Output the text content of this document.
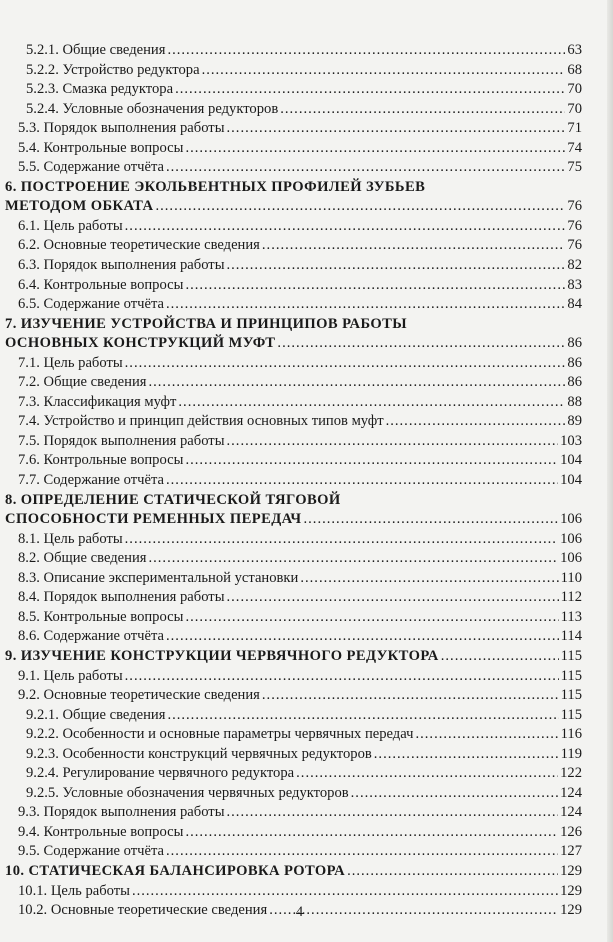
5.2.1. Общие сведения .....	63
5.2.2. Устройство редуктора .....	68
5.2.3. Смазка редуктора .....	70
5.2.4. Условные обозначения редукторов .....	70
5.3. Порядок выполнения работы .....	71
5.4. Контрольные вопросы .....	74
5.5. Содержание отчёта .....	75
6. ПОСТРОЕНИЕ ЭКОЛЬВЕНТНЫХ ПРОФИЛЕЙ ЗУБЬЕВ
МЕТОДОМ ОБКАТА .....	76
6.1. Цель работы .....	76
6.2. Основные теоретические сведения .....	76
6.3. Порядок выполнения работы .....	82
6.4. Контрольные вопросы .....	83
6.5. Содержание отчёта .....	84
7. ИЗУЧЕНИЕ УСТРОЙСТВА И ПРИНЦИПОВ РАБОТЫ
ОСНОВНЫХ КОНСТРУКЦИЙ МУФТ .....	86
7.1. Цель работы .....	86
7.2. Общие сведения .....	86
7.3. Классификация муфт .....	88
7.4. Устройство и принцип действия основных типов муфт .....	89
7.5. Порядок выполнения работы .....	103
7.6. Контрольные вопросы .....	104
7.7. Содержание отчёта .....	104
8. ОПРЕДЕЛЕНИЕ СТАТИЧЕСКОЙ ТЯГОВОЙ
СПОСОБНОСТИ РЕМЕННЫХ ПЕРЕДАЧ .....	106
8.1. Цель работы .....	106
8.2. Общие сведения .....	106
8.3. Описание экспериментальной установки .....	110
8.4. Порядок выполнения работы .....	112
8.5. Контрольные вопросы .....	113
8.6. Содержание отчёта .....	114
9. ИЗУЧЕНИЕ КОНСТРУКЦИИ ЧЕРВЯЧНОГО РЕДУКТОРА .....	115
9.1. Цель работы .....	115
9.2. Основные теоретические сведения .....	115
9.2.1. Общие сведения .....	115
9.2.2. Особенности и основные параметры червячных передач .....	116
9.2.3. Особенности конструкций червячных редукторов .....	119
9.2.4. Регулирование червячного редуктора .....	122
9.2.5. Условные обозначения червячных редукторов .....	124
9.3. Порядок выполнения работы .....	124
9.4. Контрольные вопросы .....	126
9.5. Содержание отчёта .....	127
10. СТАТИЧЕСКАЯ БАЛАНСИРОВКА РОТОРА .....	129
10.1. Цель работы .....	129
10.2. Основные теоретические сведения .....	129
4
